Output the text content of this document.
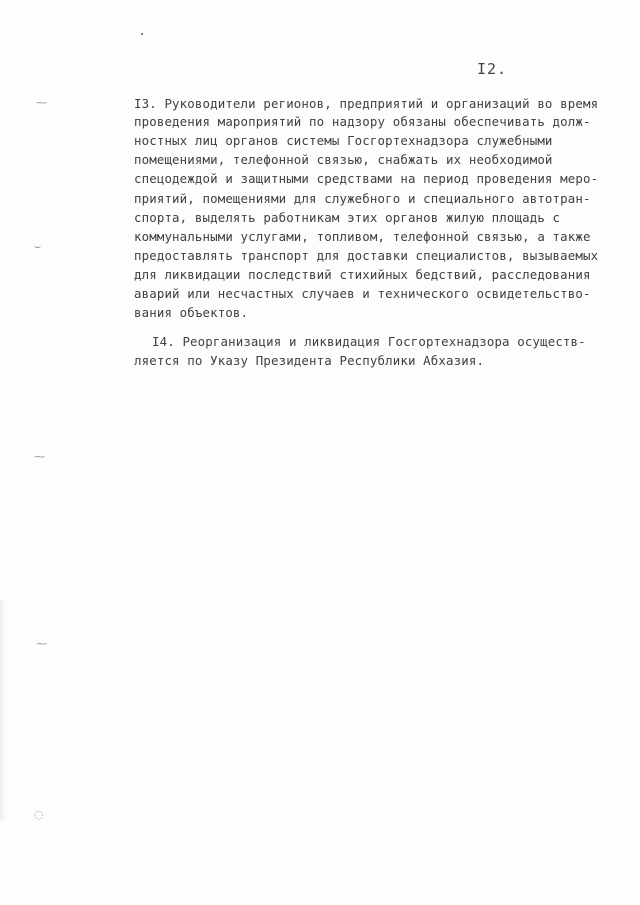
I2.
I3. Руководители регионов, предприятий и организаций во время
проведения мароприятий по надзору обязаны обеспечивать долж-
ностных лиц органов системы Госгортехнадзора служебными
помещениями, телефонной связью, снабжать их необходимой
спецодеждой и защитными средствами на период проведения меро-
приятий, помещениями для служебного и специального автотран-
спорта, выделять работникам этих органов жилую площадь с
коммунальными услугами, топливом, телефонной связью, а также
предоставлять транспорт для доставки специалистов, вызываемых
для ликвидации последствий стихийных бедствий, расследования
аварий или несчастных случаев и технического освидетельство-
вания объектов.
I4. Реорганизация и ликвидация Госгортехнадзора осуществ-
ляется по Указу Президента Республики Абхазия.
⁓
⌣
⁓
⁓
◌
